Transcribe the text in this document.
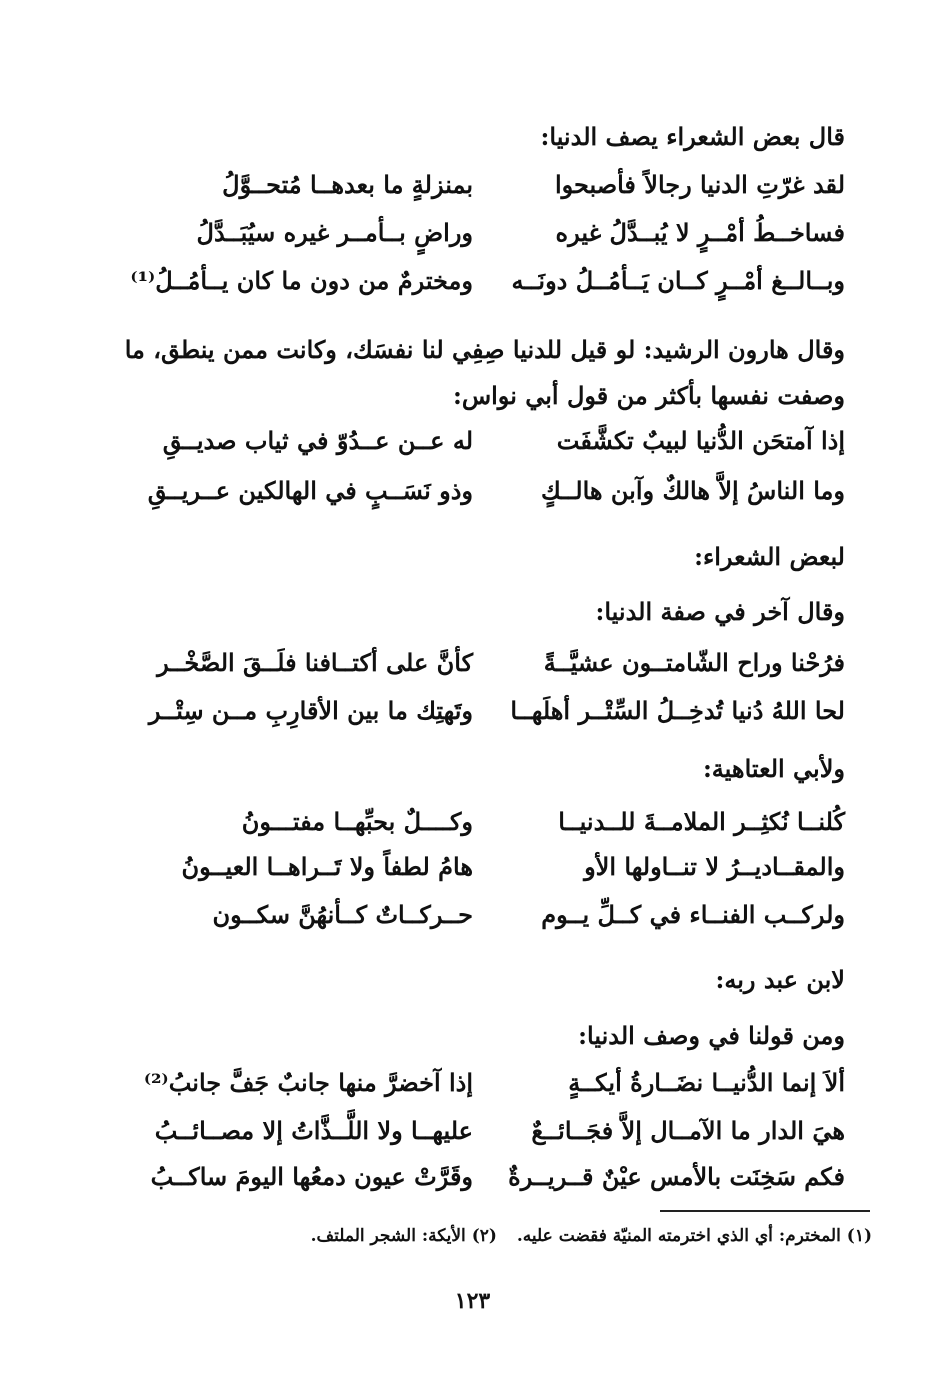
قال بعض الشعراء يصف الدنيا:
لقد غرّتِ الدنيا رجالاً فأصبحوا
بمنزلةٍ ما بعدهــا مُتحــوَّلُ
فساخــطُ أمْــرٍ لا يُبــدَّلُ غيره
وراضٍ بــأمــر غيره سيُبَــدَّلُ
وبــالــغ أمْــرٍ كــان يَــأمُــلُ دونَــه
ومخترمٌ من دون ما كان يــأمُــلُ⁽¹⁾
وقال هارون الرشيد: لو قيل للدنيا صِفِي لنا نفسَك، وكانت ممن ينطق، ما
وصفت نفسها بأكثر من قول أبي نواس:
إذا آمتحَن الدُّنيا لبيبٌ تكشَّفَت
له عــن عــدُوّ في ثياب صديــقِ
وما الناسُ إلاَّ هالكٌ وآبن هالــكٍ
وذو نَسَــبٍ في الهالكين عــريــقِ
لبعض الشعراء:
وقال آخر في صفة الدنيا:
فرُحْنا وراح الشّامتــون عشيَّــةً
كأنَّ على أكتــافنا فلَــقَ الصَّخْــر
لحا اللهُ دُنيا تُدخِــلُ السِّتْــر أهلَهــا
وتَهتِك ما بين الأقارِبِ مــن سِتْــر
ولأبي العتاهية:
كُلنــا نُكثِــر الملامــةَ للــدنيــا
وكــــلٌ بحبِّهــا مفتـــونُ
والمقــاديــرُ لا تنــاولها الأو
هامُ لطفاً ولا تَــراهــا العيــونُ
ولركــب الفنــاء في كــلِّ يــوم
حــركــاتٌ كــأنهُنَّ سكــون
لابن عبد ربه:
ومن قولنا في وصف الدنيا:
ألاَ إنما الدُّنيــا نضَــارةُ أيكــةٍ
إذا آخضرَّ منها جانبٌ جَفَّ جانبُ⁽²⁾
هيَ الدار ما الآمــال إلاَّ فجَــائــعٌ
عليهــا ولا اللَّــذَّاتُ إلا مصــائــبُ
فكم سَخِنَت بالأمس عيْنٌ قــريــرةٌ
وقَرَّتْ عيون دمعُها اليومَ ساكــبُ
(١) المخترم: أي الذي اخترمته المنيّة فقضت عليه. (٢) الأيكة: الشجر الملتف.
١٢٣
